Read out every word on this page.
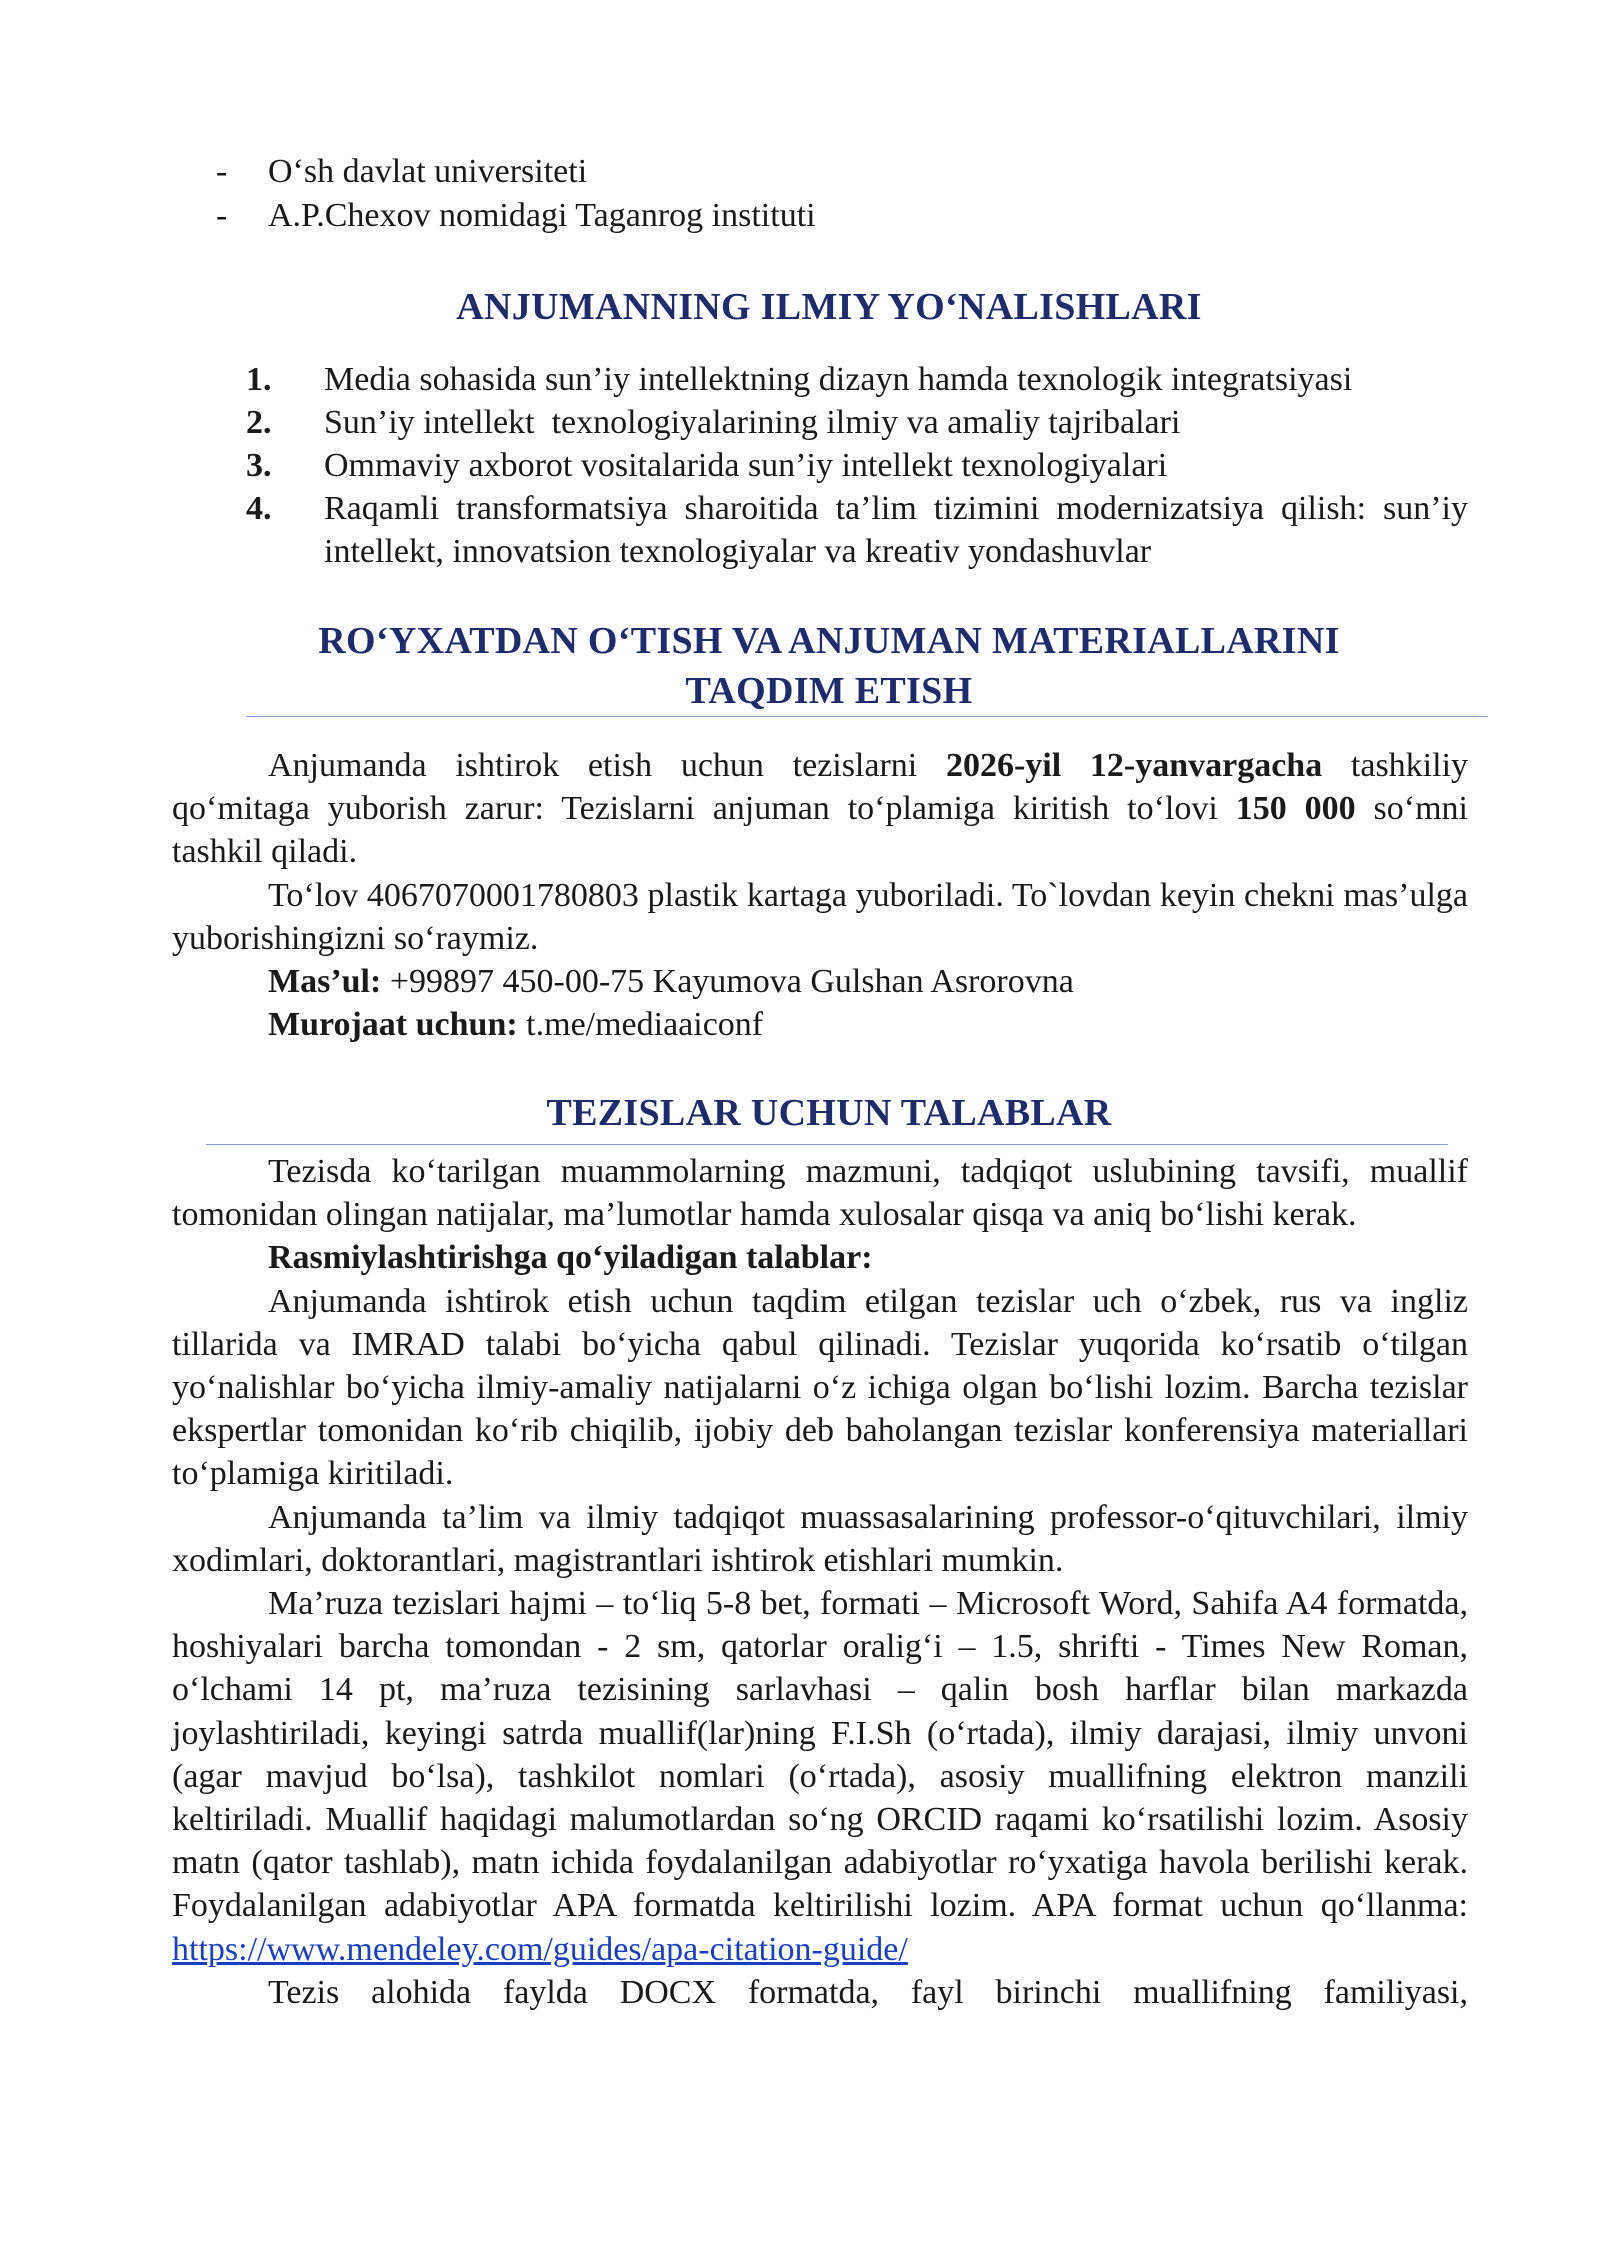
- O‘sh davlat universiteti
- A.P.Chexov nomidagi Taganrog instituti
ANJUMANNING ILMIY YO‘NALISHLARI
1. Media sohasida sun’iy intellektning dizayn hamda texnologik integratsiyasi
2. Sun’iy intellekt  texnologiyalarining ilmiy va amaliy tajribalari
3. Ommaviy axborot vositalarida sun’iy intellekt texnologiyalari
4. Raqamli transformatsiya sharoitida ta’lim tizimini modernizatsiya qilish: sun’iy intellekt, innovatsion texnologiyalar va kreativ yondashuvlar
RO‘YXATDAN O‘TISH VA ANJUMAN MATERIALLARINI
TAQDIM ETISH

Anjumanda ishtirok etish uchun tezislarni 2026-yil 12-yanvargacha tashkiliy qo‘mitaga yuborish zarur: Tezislarni anjuman to‘plamiga kiritish to‘lovi 150 000 so‘mni tashkil qiladi.

To‘lov 4067070001780803 plastik kartaga yuboriladi. To`lovdan keyin chekni mas’ulga yuborishingizni so‘raymiz.

Mas’ul: +99897 450-00-75 Kayumova Gulshan Asrorovna

Murojaat uchun: t.me/mediaaiconf

TEZISLAR UCHUN TALABLAR

Tezisda ko‘tarilgan muammolarning mazmuni, tadqiqot uslubining tavsifi, muallif tomonidan olingan natijalar, ma’lumotlar hamda xulosalar qisqa va aniq bo‘lishi kerak.

Rasmiylashtirishga qo‘yiladigan talablar:

Anjumanda ishtirok etish uchun taqdim etilgan tezislar uch o‘zbek, rus va ingliz tillarida va IMRAD talabi bo‘yicha qabul qilinadi. Tezislar yuqorida ko‘rsatib o‘tilgan yo‘nalishlar bo‘yicha ilmiy-amaliy natijalarni o‘z ichiga olgan bo‘lishi lozim. Barcha tezislar ekspertlar tomonidan ko‘rib chiqilib, ijobiy deb baholangan tezislar konferensiya materiallari to‘plamiga kiritiladi.

Anjumanda ta’lim va ilmiy tadqiqot muassasalarining professor-o‘qituvchilari, ilmiy xodimlari, doktorantlari, magistrantlari ishtirok etishlari mumkin.

Ma’ruza tezislari hajmi – to‘liq 5-8 bet, formati – Microsoft Word, Sahifa A4 formatda, hoshiyalari barcha tomondan - 2 sm, qatorlar oralig‘i – 1.5, shrifti - Times New Roman, o‘lchami 14 pt, ma’ruza tezisining sarlavhasi – qalin bosh harflar bilan markazda joylashtiriladi, keyingi satrda muallif(lar)ning F.I.Sh (o‘rtada), ilmiy darajasi, ilmiy unvoni (agar mavjud bo‘lsa), tashkilot nomlari (o‘rtada), asosiy muallifning elektron manzili keltiriladi. Muallif haqidagi malumotlardan so‘ng ORCID raqami ko‘rsatilishi lozim. Asosiy matn (qator tashlab), matn ichida foydalanilgan adabiyotlar ro‘yxatiga havola berilishi kerak. Foydalanilgan adabiyotlar APA formatda keltirilishi lozim. APA format uchun qo‘llanma: https://www.mendeley.com/guides/apa-citation-guide/

Tezis alohida faylda DOCX formatda, fayl birinchi muallifning familiyasi,
